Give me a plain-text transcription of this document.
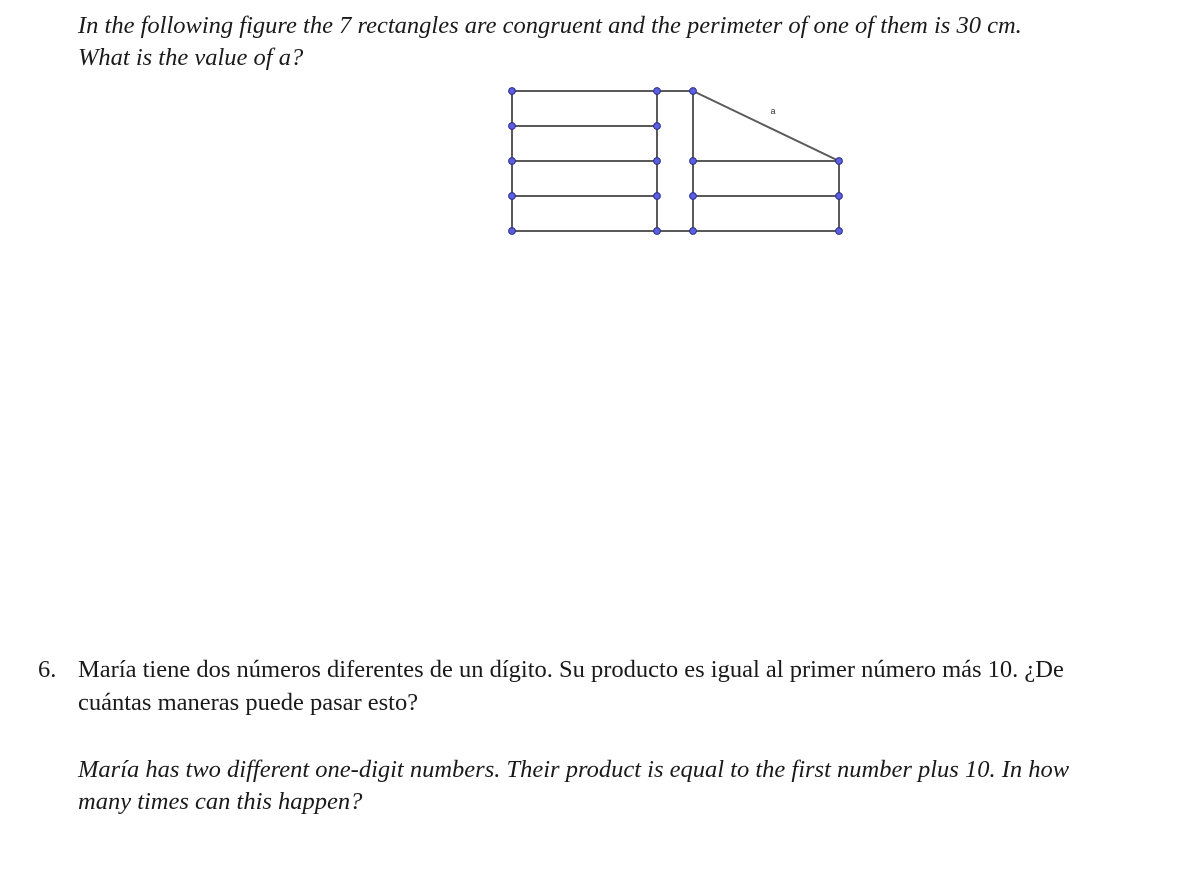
In the following figure the 7 rectangles are congruent and the perimeter of one of them is 30 cm.

What is the value of a?

a

6. María tiene dos números diferentes de un dígito. Su producto es igual al primer número más 10. ¿De

cuántas maneras puede pasar esto?

María has two different one-digit numbers. Their product is equal to the first number plus 10. In how

many times can this happen?
